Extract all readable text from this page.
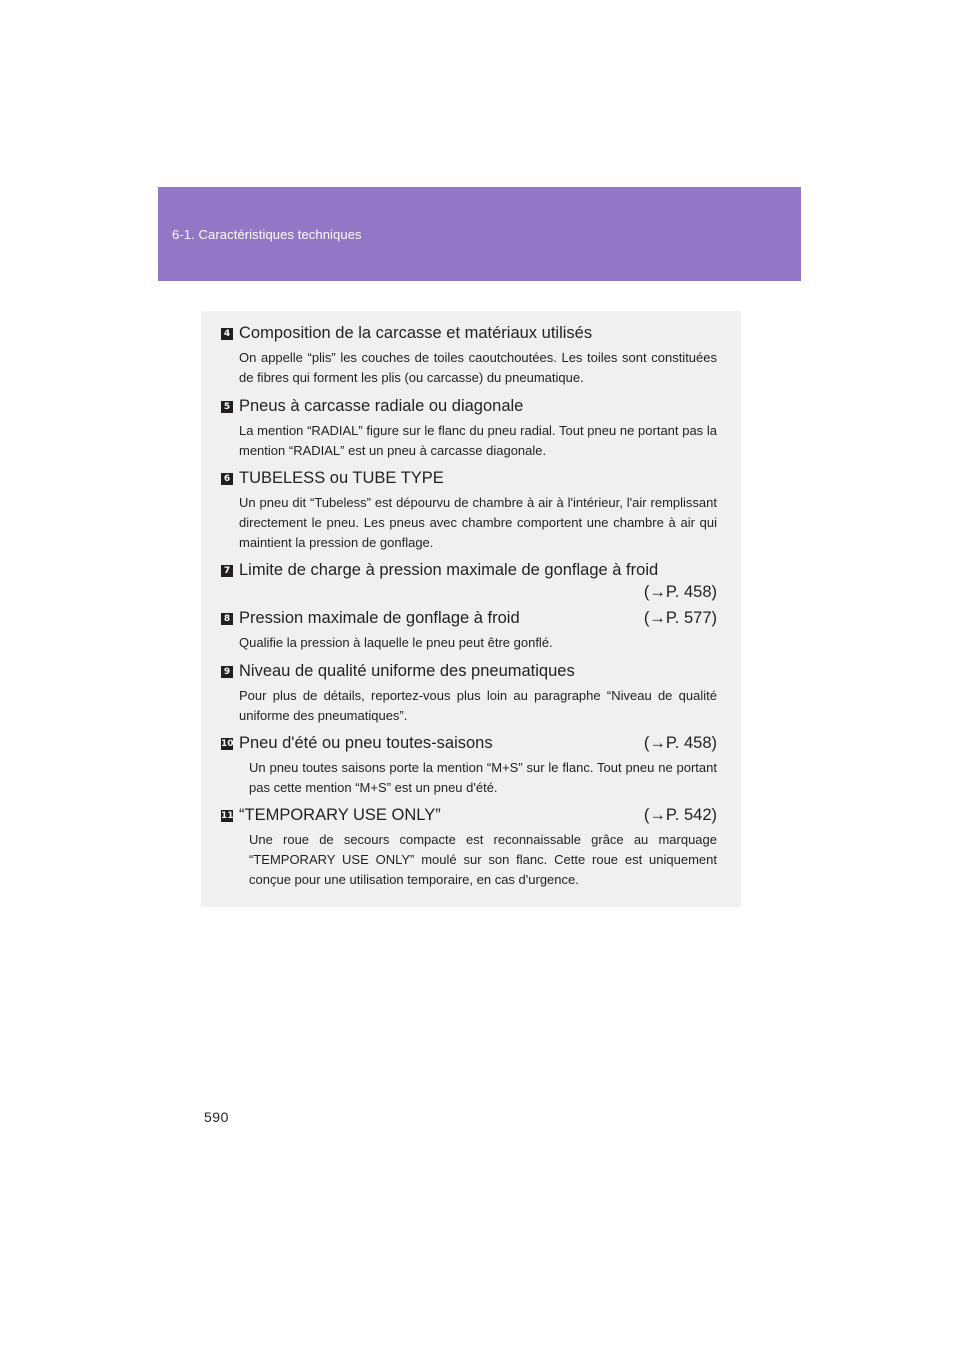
6-1. Caractéristiques techniques
4 Composition de la carcasse et matériaux utilisés
On appelle “plis” les couches de toiles caoutchoutées. Les toiles sont constituées de fibres qui forment les plis (ou carcasse) du pneumatique.
5 Pneus à carcasse radiale ou diagonale
La mention “RADIAL” figure sur le flanc du pneu radial. Tout pneu ne portant pas la mention “RADIAL” est un pneu à carcasse diagonale.
6 TUBELESS ou TUBE TYPE
Un pneu dit “Tubeless” est dépourvu de chambre à air à l'intérieur, l'air remplissant directement le pneu. Les pneus avec chambre comportent une chambre à air qui maintient la pression de gonflage.
7 Limite de charge à pression maximale de gonflage à froid
(→P. 458)
8 Pression maximale de gonflage à froid	(→P. 577)
Qualifie la pression à laquelle le pneu peut être gonflé.
9 Niveau de qualité uniforme des pneumatiques
Pour plus de détails, reportez-vous plus loin au paragraphe “Niveau de qualité uniforme des pneumatiques”.
10 Pneu d'été ou pneu toutes-saisons	(→P. 458)
Un pneu toutes saisons porte la mention “M+S” sur le flanc. Tout pneu ne portant pas cette mention “M+S” est un pneu d'été.
11 “TEMPORARY USE ONLY”	(→P. 542)
Une roue de secours compacte est reconnaissable grâce au marquage “TEMPORARY USE ONLY” moulé sur son flanc. Cette roue est uniquement conçue pour une utilisation temporaire, en cas d'urgence.
590
